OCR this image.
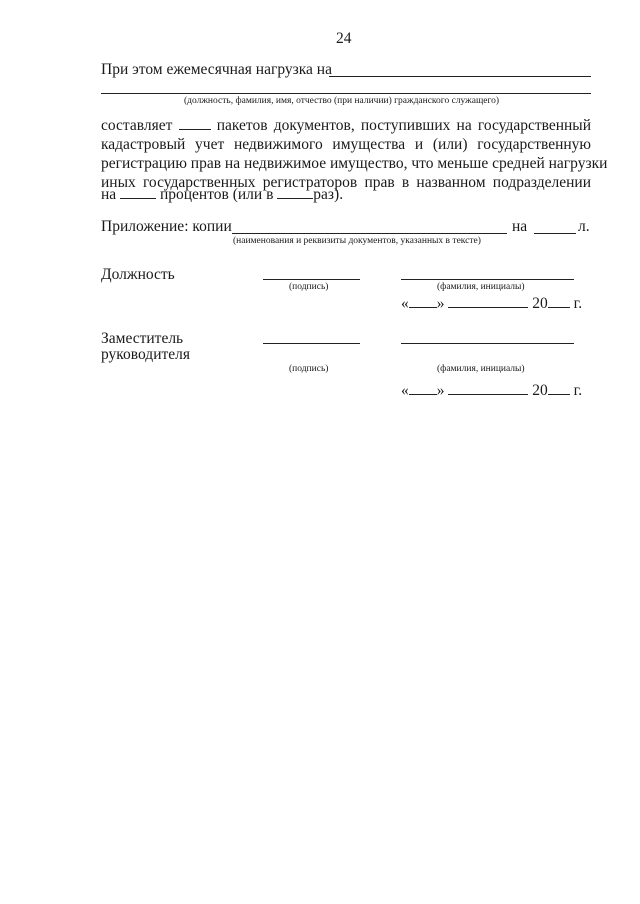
24
При этом ежемесячная нагрузка на
(должность, фамилия, имя, отчество (при наличии) гражданского служащего)
составляет	пакетов документов, поступивших на государственный
кадастровый учет недвижимого имущества и (или) государственную
регистрацию прав на недвижимое имущество, что меньше средней нагрузки
иных государственных регистраторов прав в названном подразделении
на	процентов (или в	раз).
Приложение: копии	на	л.
(наименования и реквизиты документов, указанных в тексте)
Должность
(подпись)	(фамилия, инициалы)
« »	20 г.
Заместитель
руководителя
(подпись)	(фамилия, инициалы)
« »	20 г.
